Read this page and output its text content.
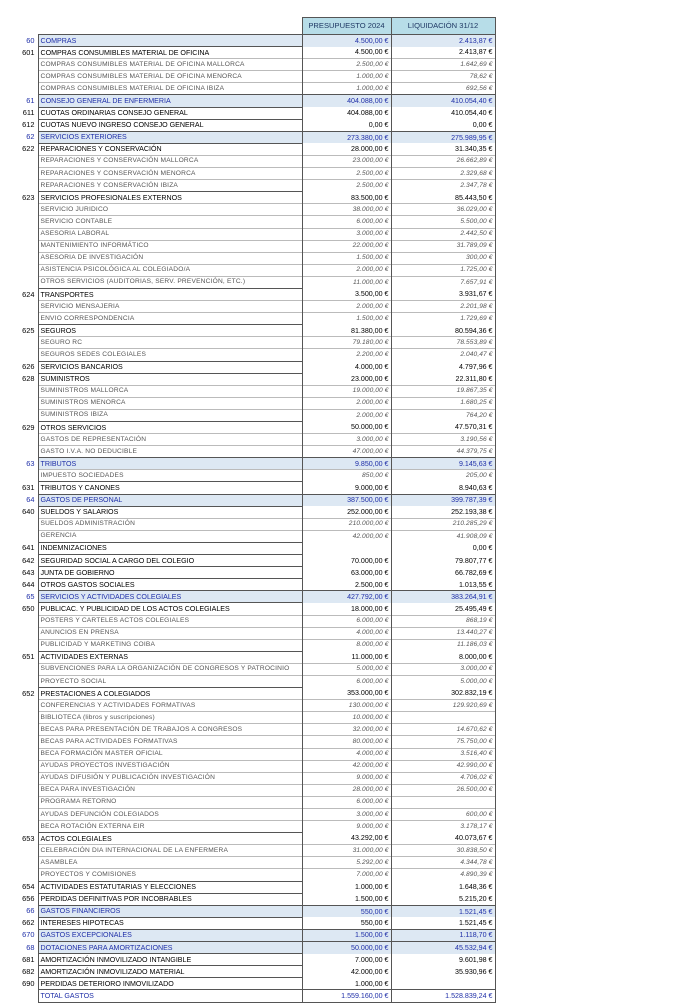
		PRESUPUESTO 2024	LIQUIDACIÓN 31/12
60	COMPRAS	4.500,00 €	2.413,87 €
601	COMPRAS CONSUMIBLES MATERIAL DE OFICINA	4.500,00 €	2.413,87 €
	COMPRAS CONSUMIBLES MATERIAL DE OFICINA MALLORCA	2.500,00 €	1.642,69 €
	COMPRAS CONSUMIBLES MATERIAL DE OFICINA MENORCA	1.000,00 €	78,62 €
	COMPRAS CONSUMIBLES MATERIAL DE OFICINA IBIZA	1.000,00 €	692,56 €
61	CONSEJO GENERAL DE ENFERMERIA	404.088,00 €	410.054,40 €
611	CUOTAS ORDINARIAS CONSEJO GENERAL	404.088,00 €	410.054,40 €
612	CUOTAS NUEVO INGRESO CONSEJO GENERAL	0,00 €	0,00 €
62	SERVICIOS EXTERIORES	273.380,00 €	275.989,95 €
622	REPARACIONES Y CONSERVACIÓN	28.000,00 €	31.340,35 €
	REPARACIONES Y CONSERVACIÓN MALLORCA	23.000,00 €	26.662,89 €
	REPARACIONES Y CONSERVACIÓN MENORCA	2.500,00 €	2.329,68 €
	REPARACIONES Y CONSERVACIÓN IBIZA	2.500,00 €	2.347,78 €
623	SERVICIOS PROFESIONALES EXTERNOS	83.500,00 €	85.443,50 €
	SERVICIO JURIDICO	38.000,00 €	36.029,00 €
	SERVICIO CONTABLE	6.000,00 €	5.500,00 €
	ASESORIA LABORAL	3.000,00 €	2.442,50 €
	MANTENIMIENTO INFORMÁTICO	22.000,00 €	31.789,09 €
	ASESORIA DE INVESTIGACIÓN	1.500,00 €	300,00 €
	ASISTENCIA PSICOLÓGICA AL COLEGIADO/A	2.000,00 €	1.725,00 €
	OTROS SERVICIOS (AUDITORIAS, SERV. PREVENCIÓN, ETC.)	11.000,00 €	7.657,91 €
624	TRANSPORTES	3.500,00 €	3.931,67 €
	SERVICIO MENSAJERIA	2.000,00 €	2.201,98 €
	ENVIO CORRESPONDENCIA	1.500,00 €	1.729,69 €
625	SEGUROS	81.380,00 €	80.594,36 €
	SEGURO RC	79.180,00 €	78.553,89 €
	SEGUROS SEDES COLEGIALES	2.200,00 €	2.040,47 €
626	SERVICIOS BANCARIOS	4.000,00 €	4.797,96 €
628	SUMINISTROS	23.000,00 €	22.311,80 €
	SUMINISTROS MALLORCA	19.000,00 €	19.867,35 €
	SUMINISTROS MENORCA	2.000,00 €	1.680,25 €
	SUMINISTROS IBIZA	2.000,00 €	764,20 €
629	OTROS SERVICIOS	50.000,00 €	47.570,31 €
	GASTOS DE REPRESENTACIÓN	3.000,00 €	3.190,56 €
	GASTO I.V.A. NO DEDUCIBLE	47.000,00 €	44.379,75 €
63	TRIBUTOS	9.850,00 €	9.145,63 €
	IMPUESTO SOCIEDADES	850,00 €	205,00 €
631	TRIBUTOS Y CANONES	9.000,00 €	8.940,63 €
64	GASTOS DE PERSONAL	387.500,00 €	399.787,39 €
640	SUELDOS Y SALARIOS	252.000,00 €	252.193,38 €
	SUELDOS ADMINISTRACIÓN	210.000,00 €	210.285,29 €
	GERENCIA	42.000,00 €	41.908,09 €
641	INDEMNIZACIONES		0,00 €
642	SEGURIDAD SOCIAL A CARGO DEL COLEGIO	70.000,00 €	79.807,77 €
643	JUNTA DE GOBIERNO	63.000,00 €	66.782,69 €
644	OTROS GASTOS SOCIALES	2.500,00 €	1.013,55 €
65	SERVICIOS Y ACTIVIDADES COLEGIALES	427.792,00 €	383.264,91 €
650	PUBLICAC. Y PUBLICIDAD DE LOS ACTOS COLEGIALES	18.000,00 €	25.495,49 €
	POSTERS Y CARTELES ACTOS COLEGIALES	6.000,00 €	868,19 €
	ANUNCIOS EN PRENSA	4.000,00 €	13.440,27 €
	PUBLICIDAD Y MARKETING COIBA	8.000,00 €	11.186,03 €
651	ACTIVIDADES EXTERNAS	11.000,00 €	8.000,00 €
	SUBVENCIONES PARA LA ORGANIZACIÓN DE CONGRESOS Y PATROCINIO	5.000,00 €	3.000,00 €
	PROYECTO SOCIAL	6.000,00 €	5.000,00 €
652	PRESTACIONES A COLEGIADOS	353.000,00 €	302.832,19 €
	CONFERENCIAS Y ACTIVIDADES FORMATIVAS	130.000,00 €	129.920,69 €
	BIBLIOTECA (libros y suscripciones)	10.000,00 €	
	BECAS PARA PRESENTACIÓN DE TRABAJOS A CONGRESOS	32.000,00 €	14.670,62 €
	BECAS PARA ACTIVIDADES FORMATIVAS	80.000,00 €	75.750,00 €
	BECA FORMACIÓN MASTER OFICIAL	4.000,00 €	3.516,40 €
	AYUDAS PROYECTOS INVESTIGACIÓN	42.000,00 €	42.990,00 €
	AYUDAS DIFUSIÓN Y PUBLICACIÓN INVESTIGACIÓN	9.000,00 €	4.706,02 €
	BECA PARA INVESTIGACIÓN	28.000,00 €	26.500,00 €
	PROGRAMA RETORNO	6.000,00 €	
	AYUDAS DEFUNCIÓN COLEGIADOS	3.000,00 €	600,00 €
	BECA ROTACIÓN EXTERNA EIR	9.000,00 €	3.178,17 €
653	ACTOS COLEGIALES	43.292,00 €	40.073,67 €
	CELEBRACIÓN DIA INTERNACIONAL DE LA ENFERMERA	31.000,00 €	30.838,50 €
	ASAMBLEA	5.292,00 €	4.344,78 €
	PROYECTOS Y COMISIONES	7.000,00 €	4.890,39 €
654	ACTIVIDADES ESTATUTARIAS Y ELECCIONES	1.000,00 €	1.648,36 €
656	PERDIDAS DEFINITIVAS POR INCOBRABLES	1.500,00 €	5.215,20 €
66	GASTOS FINANCIEROS	550,00 €	1.521,45 €
662	INTERESES HIPOTECAS	550,00 €	1.521,45 €
670	GASTOS EXCEPCIONALES	1.500,00 €	1.118,70 €
68	DOTACIONES PARA AMORTIZACIONES	50.000,00 €	45.532,94 €
681	AMORTIZACIÓN INMOVILIZADO INTANGIBLE	7.000,00 €	9.601,98 €
682	AMORTIZACIÓN INMOVILIZADO MATERIAL	42.000,00 €	35.930,96 €
690	PERDIDAS DETERIORO INMOVILIZADO	1.000,00 €	
	TOTAL GASTOS	1.559.160,00 €	1.528.839,24 €
